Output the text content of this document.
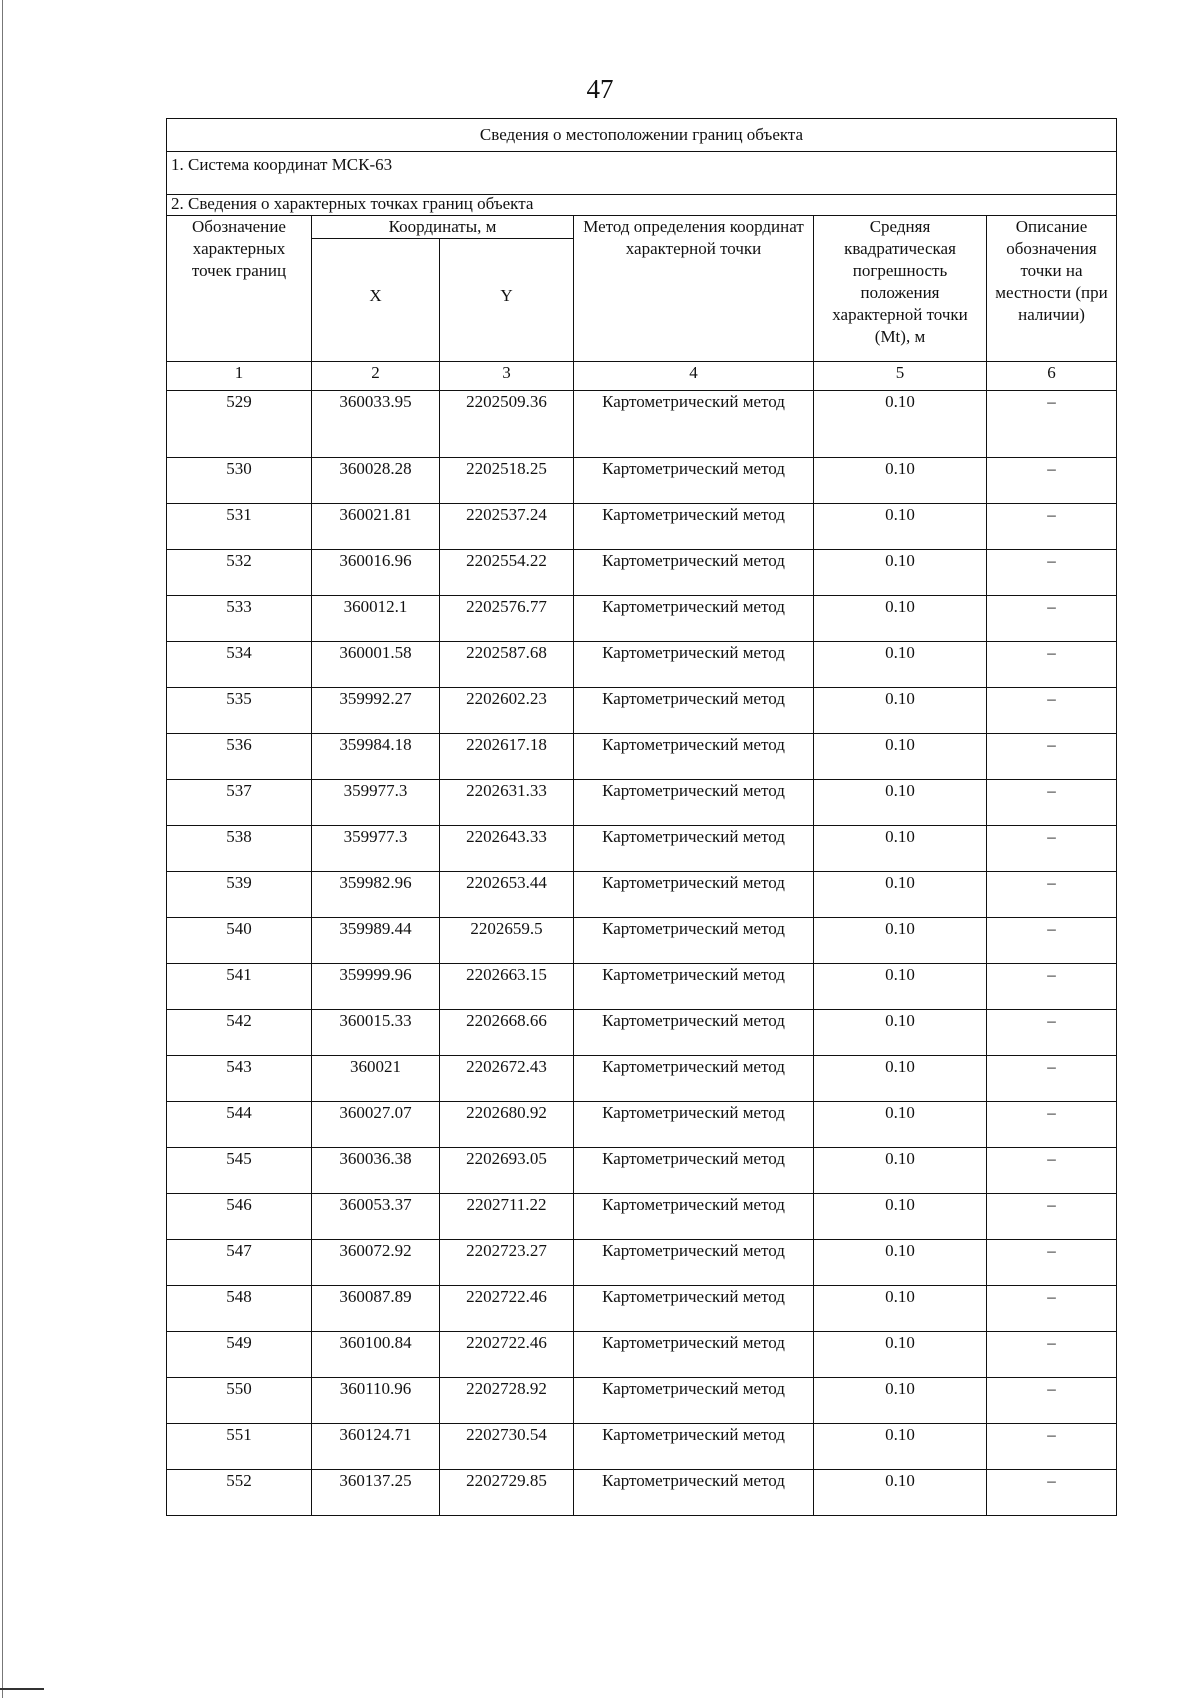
47
Сведения о местоположении границ объекта					
1. Система координат МСК-63					
2. Сведения о характерных точках границ объекта					
Обозначение характерных точек границ	Координаты, м		Метод определения координат характерной точки	Средняя квадратическая погрешность положения характерной точки (Mt), м	Описание обозначения точки на местности (при наличии)

	X	Y			

1	2	3	4	5	6
529	360033.95	2202509.36	Картометрический метод	0.10	–
530	360028.28	2202518.25	Картометрический метод	0.10	–
531	360021.81	2202537.24	Картометрический метод	0.10	–
532	360016.96	2202554.22	Картометрический метод	0.10	–
533	360012.1	2202576.77	Картометрический метод	0.10	–
534	360001.58	2202587.68	Картометрический метод	0.10	–
535	359992.27	2202602.23	Картометрический метод	0.10	–
536	359984.18	2202617.18	Картометрический метод	0.10	–
537	359977.3	2202631.33	Картометрический метод	0.10	–
538	359977.3	2202643.33	Картометрический метод	0.10	–
539	359982.96	2202653.44	Картометрический метод	0.10	–
540	359989.44	2202659.5	Картометрический метод	0.10	–
541	359999.96	2202663.15	Картометрический метод	0.10	–
542	360015.33	2202668.66	Картометрический метод	0.10	–
543	360021	2202672.43	Картометрический метод	0.10	–
544	360027.07	2202680.92	Картометрический метод	0.10	–
545	360036.38	2202693.05	Картометрический метод	0.10	–
546	360053.37	2202711.22	Картометрический метод	0.10	–
547	360072.92	2202723.27	Картометрический метод	0.10	–
548	360087.89	2202722.46	Картометрический метод	0.10	–
549	360100.84	2202722.46	Картометрический метод	0.10	–
550	360110.96	2202728.92	Картометрический метод	0.10	–
551	360124.71	2202730.54	Картометрический метод	0.10	–
552	360137.25	2202729.85	Картометрический метод	0.10	–
